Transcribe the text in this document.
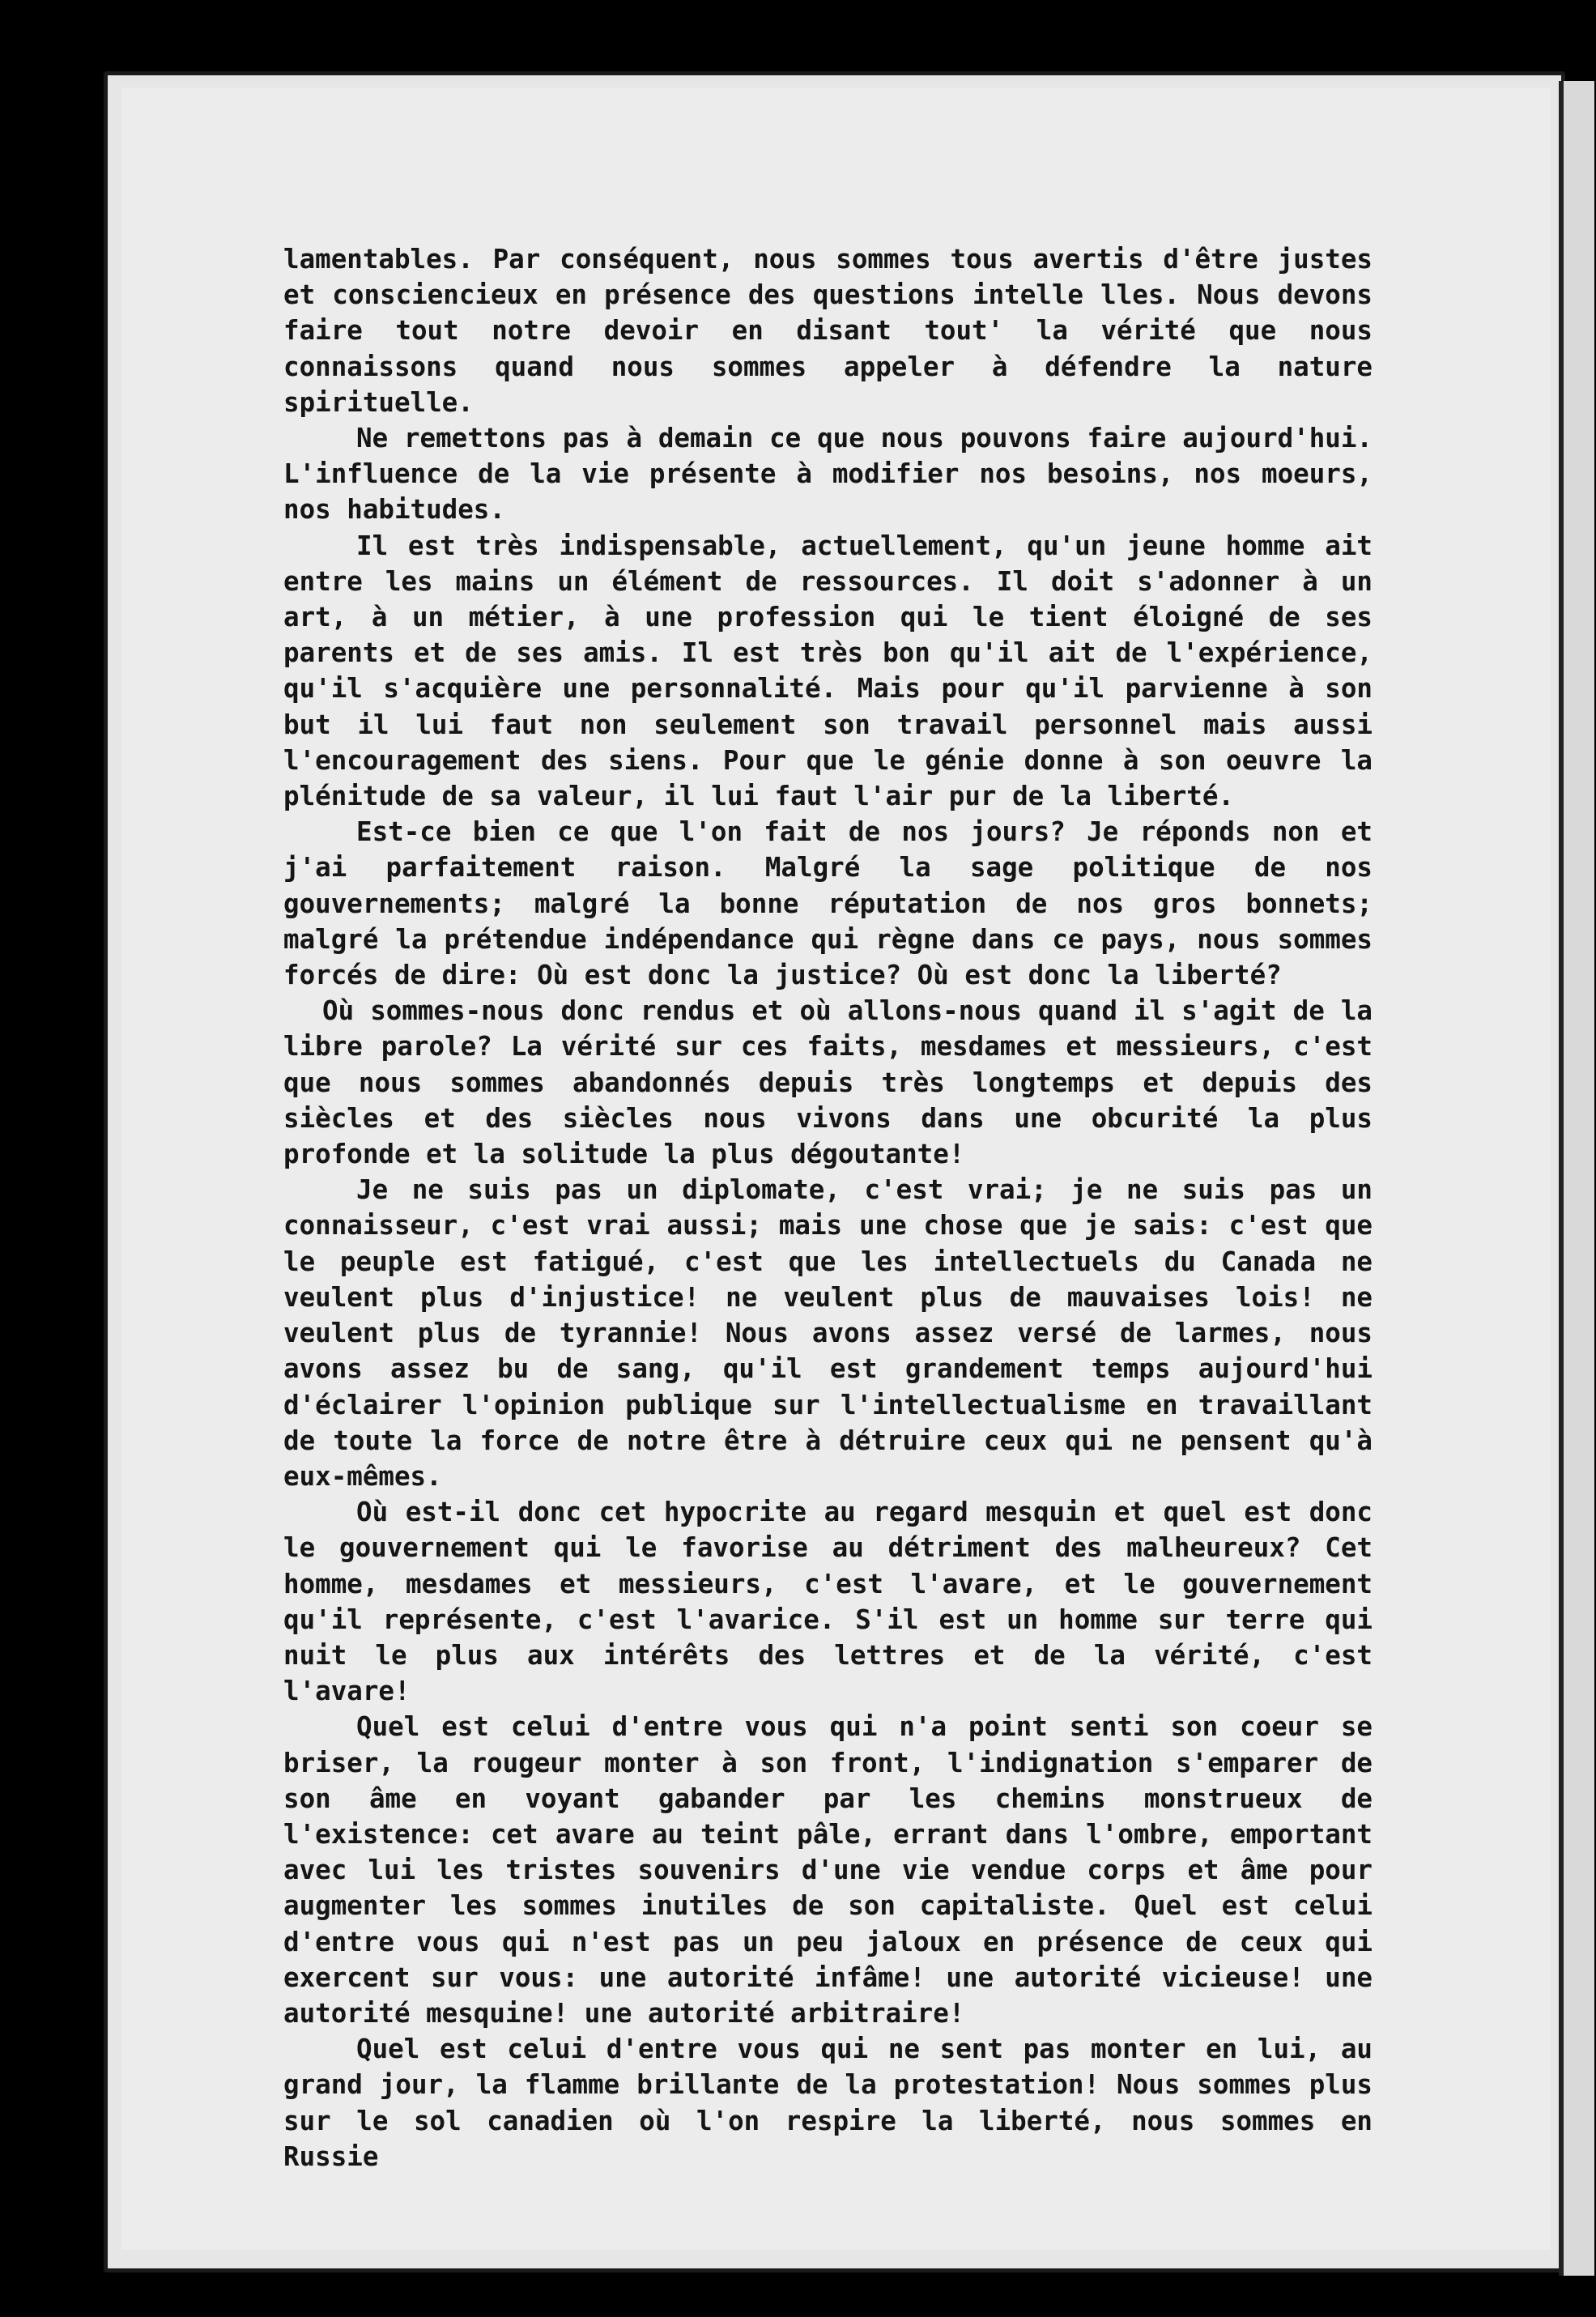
lamentables. Par conséquent, nous sommes tous avertis d'être justes et consciencieux en présence des questions intelle lles. Nous devons faire tout notre devoir en disant tout' la vérité que nous connaissons quand nous sommes appeler à défendre la nature spirituelle.

Ne remettons pas à demain ce que nous pouvons faire aujourd'hui. L'influence de la vie présente à modifier nos besoins, nos moeurs, nos habitudes.

Il est très indispensable, actuellement, qu'un jeune homme ait entre les mains un élément de ressources. Il doit s'adonner à un art, à un métier, à une profession qui le tient éloigné de ses parents et de ses amis. Il est très bon qu'il ait de l'expérience, qu'il s'acquière une personnalité. Mais pour qu'il parvienne à son but il lui faut non seulement son travail personnel mais aussi l'encouragement des siens. Pour que le génie donne à son oeuvre la plénitude de sa valeur, il lui faut l'air pur de la liberté.

Est-ce bien ce que l'on fait de nos jours? Je réponds non et j'ai parfaitement raison. Malgré la sage politique de nos gouvernements; malgré la bonne réputation de nos gros bonnets; malgré la prétendue indépendance qui règne dans ce pays, nous sommes forcés de dire: Où est donc la justice? Où est donc la liberté?

Où sommes-nous donc rendus et où allons-nous quand il s'agit de la libre parole? La vérité sur ces faits, mesdames et messieurs, c'est que nous sommes abandonnés depuis très longtemps et depuis des siècles et des siècles nous vivons dans une obcurité la plus profonde et la solitude la plus dégoutante!

Je ne suis pas un diplomate, c'est vrai; je ne suis pas un connaisseur, c'est vrai aussi; mais une chose que je sais: c'est que le peuple est fatigué, c'est que les intellectuels du Canada ne veulent plus d'injustice! ne veulent plus de mauvaises lois! ne veulent plus de tyrannie! Nous avons assez versé de larmes, nous avons assez bu de sang, qu'il est grandement temps aujourd'hui d'éclairer l'opinion publique sur l'intellectualisme en travaillant de toute la force de notre être à détruire ceux qui ne pensent qu'à eux-mêmes.

Où est-il donc cet hypocrite au regard mesquin et quel est donc le gouvernement qui le favorise au détriment des malheureux? Cet homme, mesdames et messieurs, c'est l'avare, et le gouvernement qu'il représente, c'est l'avarice. S'il est un homme sur terre qui nuit le plus aux intérêts des lettres et de la vérité, c'est l'avare!

Quel est celui d'entre vous qui n'a point senti son coeur se briser, la rougeur monter à son front, l'indignation s'emparer de son âme en voyant gabander par les chemins monstrueux de l'existence: cet avare au teint pâle, errant dans l'ombre, emportant avec lui les tristes souvenirs d'une vie vendue corps et âme pour augmenter les sommes inutiles de son capitaliste. Quel est celui d'entre vous qui n'est pas un peu jaloux en présence de ceux qui exercent sur vous: une autorité infâme! une autorité vicieuse! une autorité mesquine! une autorité arbitraire!

Quel est celui d'entre vous qui ne sent pas monter en lui, au grand jour, la flamme brillante de la protestation! Nous sommes plus sur le sol canadien où l'on respire la liberté, nous sommes en Russie
